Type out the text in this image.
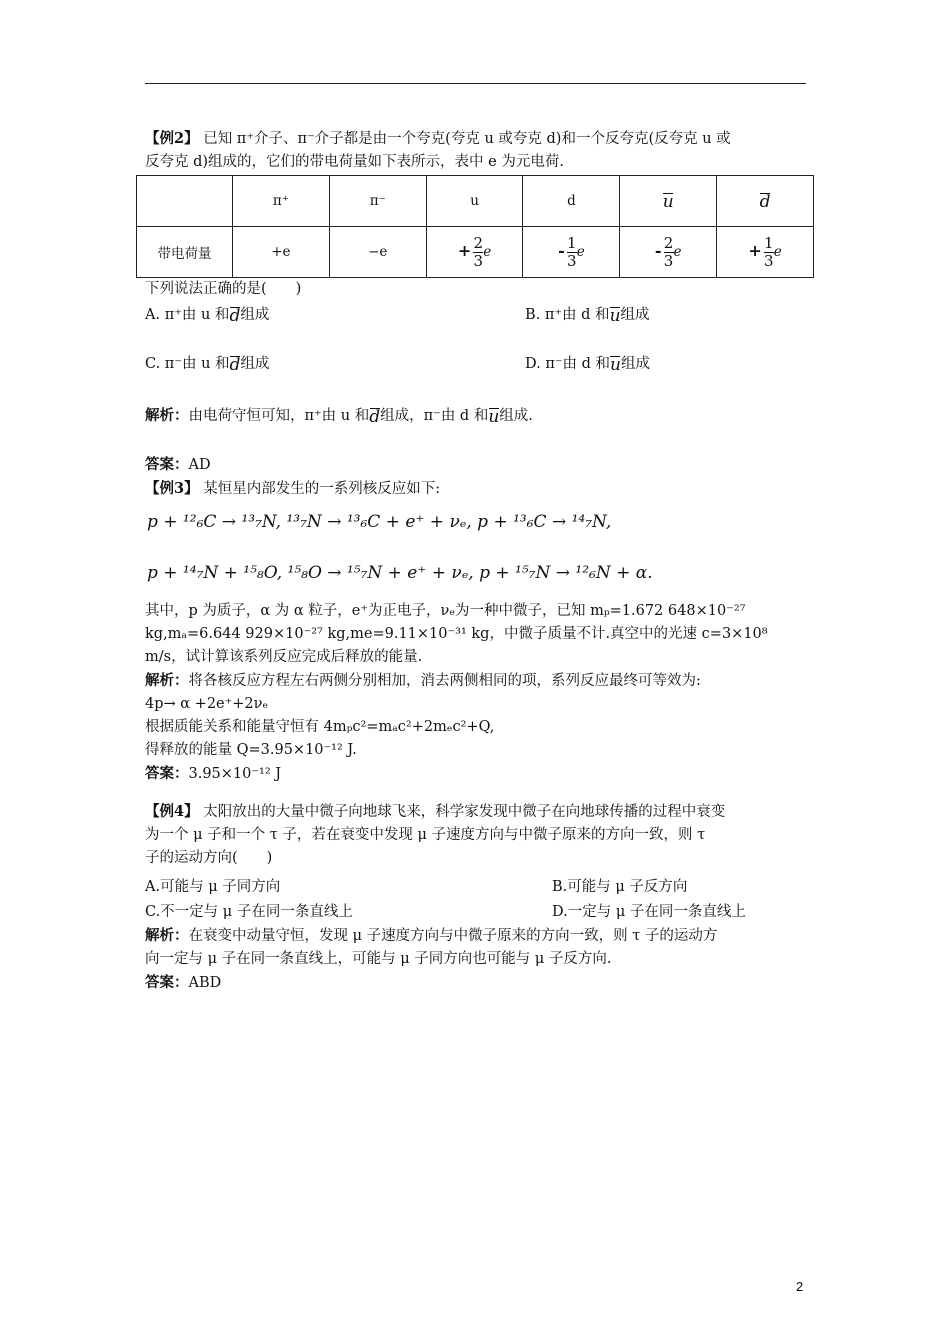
【例2】 已知 π⁺介子、π⁻介子都是由一个夸克(夸克 u 或夸克 d)和一个反夸克(反夸克 u 或
反夸克 d)组成的，它们的带电荷量如下表所示，表中 e 为元电荷.
	π⁺	π⁻	u	d	u	d

带电荷量	+e	−e	+ $\frac{2}{3}$ e	- $\frac{1}{3}$ e	- $\frac{2}{3}$ e	+ $\frac{1}{3}$ e
下列说法正确的是(　　)
A. π⁺由 u 和 d 组成	B. π⁺由 d 和 u 组成
C. π⁻由 u 和 d 组成	D. π⁻由 d 和 u 组成
解析：由电荷守恒可知，π⁺由 u 和 d 组成，π⁻由 d 和 u 组成.
答案：AD
【例3】 某恒星内部发生的一系列核反应如下:
p + ¹²₆C → ¹³₇N, ¹³₇N → ¹³₆C + e⁺ + νₑ, p + ¹³₆C → ¹⁴₇N,
p + ¹⁴₇N + ¹⁵₈O, ¹⁵₈O → ¹⁵₇N + e⁺ + νₑ, p + ¹⁵₇N → ¹²₆N + α.
其中，p 为质子，α 为 α 粒子，e⁺为正电子，νₑ为一种中微子，已知 mₚ=1.672 648×10⁻²⁷
kg,mₐ=6.644 929×10⁻²⁷ kg,me=9.11×10⁻³¹ kg，中微子质量不计.真空中的光速 c=3×10⁸
m/s，试计算该系列反应完成后释放的能量.
解析：将各核反应方程左右两侧分别相加，消去两侧相同的项，系列反应最终可等效为:
4p→ α +2e⁺+2νₑ
根据质能关系和能量守恒有 4mₚc²=mₐc²+2mₑc²+Q,
得释放的能量 Q=3.95×10⁻¹² J.
答案：3.95×10⁻¹² J
【例4】 太阳放出的大量中微子向地球飞来，科学家发现中微子在向地球传播的过程中衰变
为一个 μ 子和一个 τ 子，若在衰变中发现 μ 子速度方向与中微子原来的方向一致，则 τ
子的运动方向(　　)
A.可能与 μ 子同方向	B.可能与 μ 子反方向
C.不一定与 μ 子在同一条直线上	D.一定与 μ 子在同一条直线上
解析：在衰变中动量守恒，发现 μ 子速度方向与中微子原来的方向一致，则 τ 子的运动方
向一定与 μ 子在同一条直线上，可能与 μ 子同方向也可能与 μ 子反方向.
答案：ABD
2
